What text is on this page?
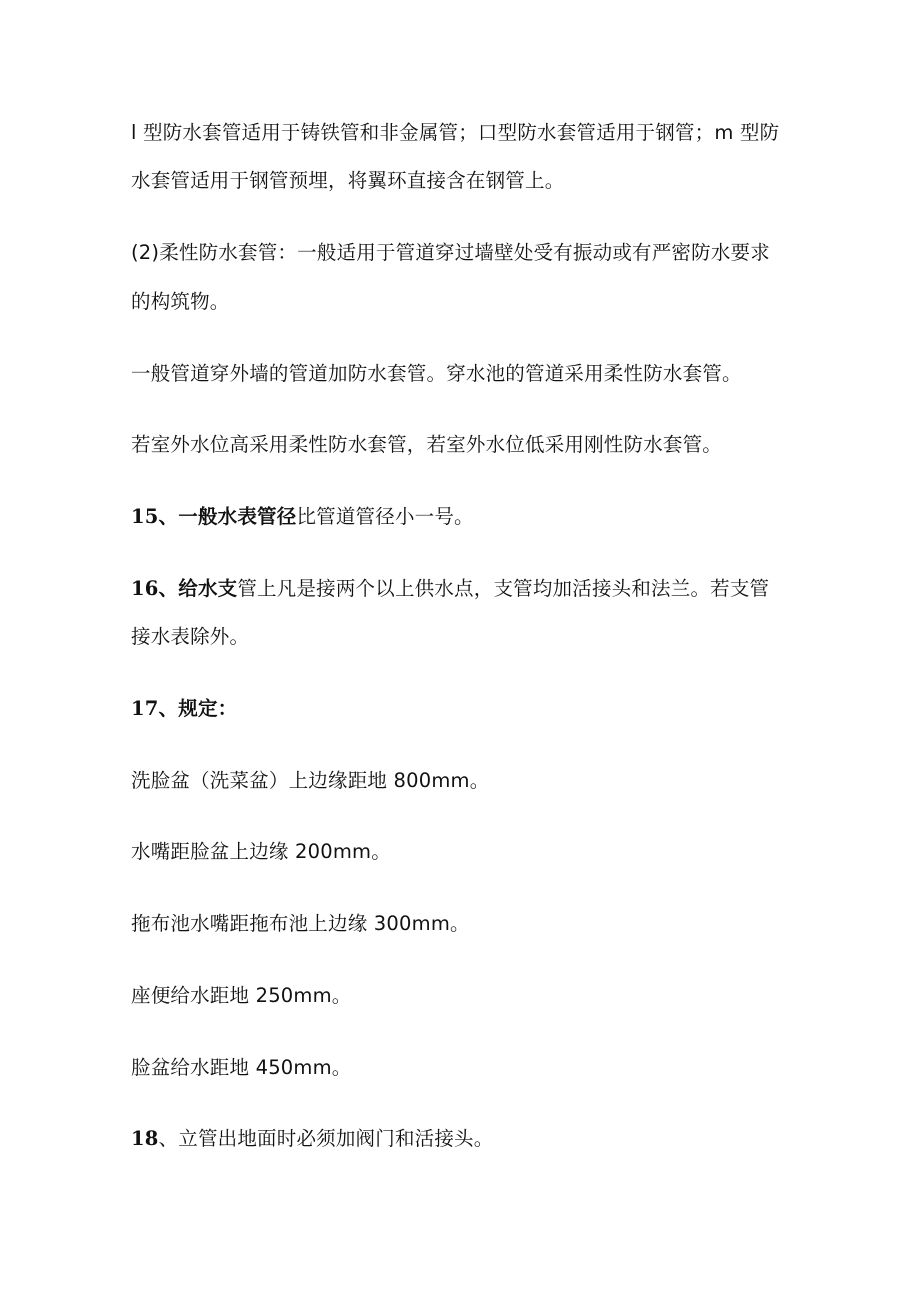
l 型防水套管适用于铸铁管和非金属管；口型防水套管适用于钢管；m 型防
水套管适用于钢管预埋，将翼环直接含在钢管上。
(2)柔性防水套管：一般适用于管道穿过墙壁处受有振动或有严密防水要求
的构筑物。
一般管道穿外墙的管道加防水套管。穿水池的管道采用柔性防水套管。
若室外水位高采用柔性防水套管，若室外水位低采用刚性防水套管。
15、一般水表管径比管道管径小一号。
16、给水支管上凡是接两个以上供水点，支管均加活接头和法兰。若支管
接水表除外。
17、规定：
洗脸盆（洗菜盆）上边缘距地 800mm。
水嘴距脸盆上边缘 200mm。
拖布池水嘴距拖布池上边缘 300mm。
座便给水距地 250mm。
脸盆给水距地 450mm。
18、立管出地面时必须加阀门和活接头。
